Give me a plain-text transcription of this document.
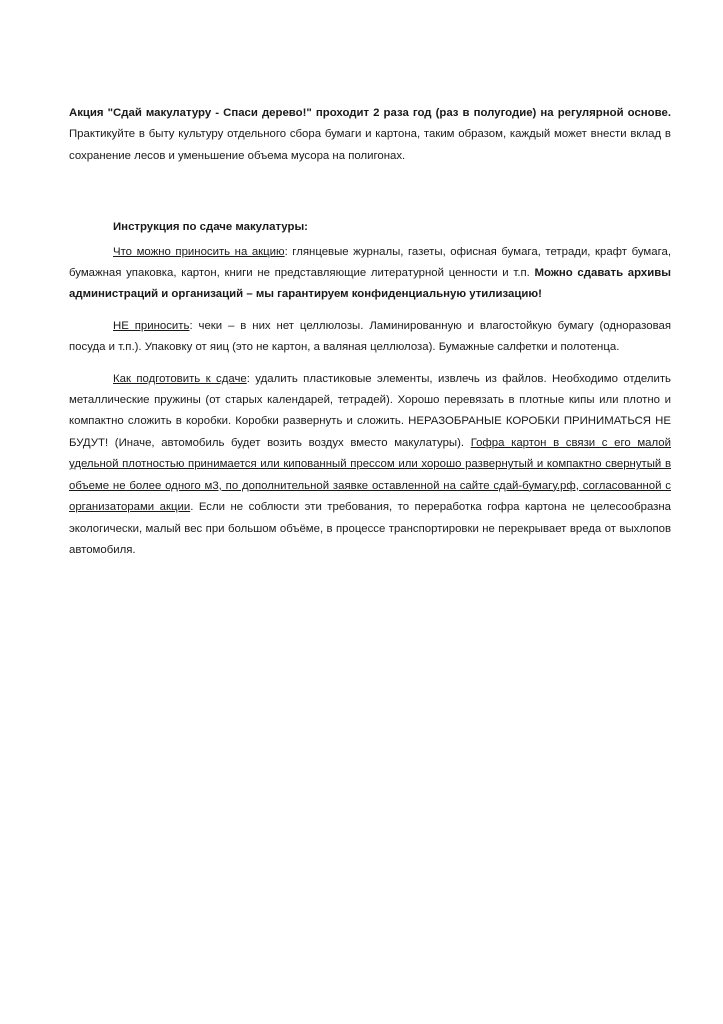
Акция "Сдай макулатуру - Спаси дерево!" проходит 2 раза год (раз в полугодие) на регулярной основе. Практикуйте в быту культуру отдельного сбора бумаги и картона, таким образом, каждый может внести вклад в сохранение лесов и уменьшение объема мусора на полигонах.

Инструкция по сдаче макулатуры:

Что можно приносить на акцию: глянцевые журналы, газеты, офисная бумага, тетради, крафт бумага, бумажная упаковка, картон, книги не представляющие литературной ценности и т.п. Можно сдавать архивы администраций и организаций – мы гарантируем конфиденциальную утилизацию!

НЕ приносить: чеки – в них нет целлюлозы. Ламинированную и влагостойкую бумагу (одноразовая посуда и т.п.). Упаковку от яиц (это не картон, а валяная целлюлоза). Бумажные салфетки и полотенца.

Как подготовить к сдаче: удалить пластиковые элементы, извлечь из файлов. Необходимо отделить металлические пружины (от старых календарей, тетрадей). Хорошо перевязать в плотные кипы или плотно и компактно сложить в коробки. Коробки развернуть и сложить. НЕРАЗОБРАНЫЕ КОРОБКИ ПРИНИМАТЬСЯ НЕ БУДУТ! (Иначе, автомобиль будет возить воздух вместо макулатуры). Гофра картон в связи с его малой удельной плотностью принимается или кипованный прессом или хорошо развернутый и компактно свернутый в объеме не более одного м3, по дополнительной заявке оставленной на сайте сдай-бумагу.рф, согласованной с организаторами акции. Если не соблюсти эти требования, то переработка гофра картона не целесообразна экологически, малый вес при большом объёме, в процессе транспортировки не перекрывает вреда от выхлопов автомобиля.
